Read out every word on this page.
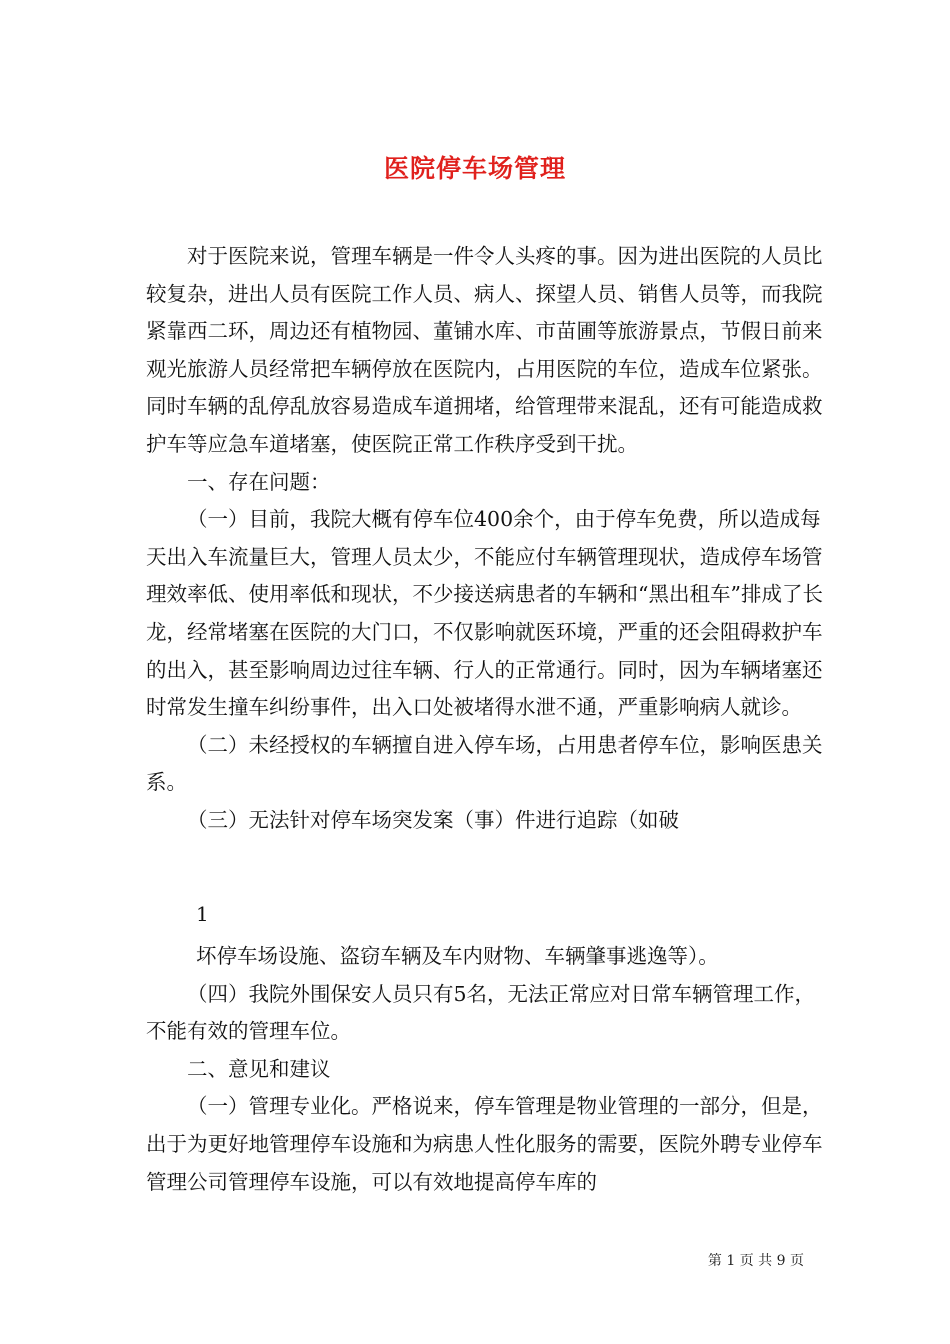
医院停车场管理

对于医院来说，管理车辆是一件令人头疼的事。因为进出医院的人员比较复杂，进出人员有医院工作人员、病人、探望人员、销售人员等，而我院紧靠西二环，周边还有植物园、董铺水库、市苗圃等旅游景点，节假日前来观光旅游人员经常把车辆停放在医院内，占用医院的车位，造成车位紧张。同时车辆的乱停乱放容易造成车道拥堵，给管理带来混乱，还有可能造成救护车等应急车道堵塞，使医院正常工作秩序受到干扰。

一、存在问题：

（一）目前，我院大概有停车位400余个，由于停车免费，所以造成每天出入车流量巨大，管理人员太少，不能应付车辆管理现状，造成停车场管理效率低、使用率低和现状，不少接送病患者的车辆和“黑出租车”排成了长龙，经常堵塞在医院的大门口，不仅影响就医环境，严重的还会阻碍救护车的出入，甚至影响周边过往车辆、行人的正常通行。同时，因为车辆堵塞还时常发生撞车纠纷事件，出入口处被堵得水泄不通，严重影响病人就诊。

（二）未经授权的车辆擅自进入停车场，占用患者停车位，影响医患关系。

（三）无法针对停车场突发案（事）件进行追踪（如破

1

坏停车场设施、盗窃车辆及车内财物、车辆肇事逃逸等）。

（四）我院外围保安人员只有5名，无法正常应对日常车辆管理工作，不能有效的管理车位。

二、意见和建议

（一）管理专业化。严格说来，停车管理是物业管理的一部分，但是，出于为更好地管理停车设施和为病患人性化服务的需要，医院外聘专业停车管理公司管理停车设施，可以有效地提高停车库的

第 1 页 共 9 页
